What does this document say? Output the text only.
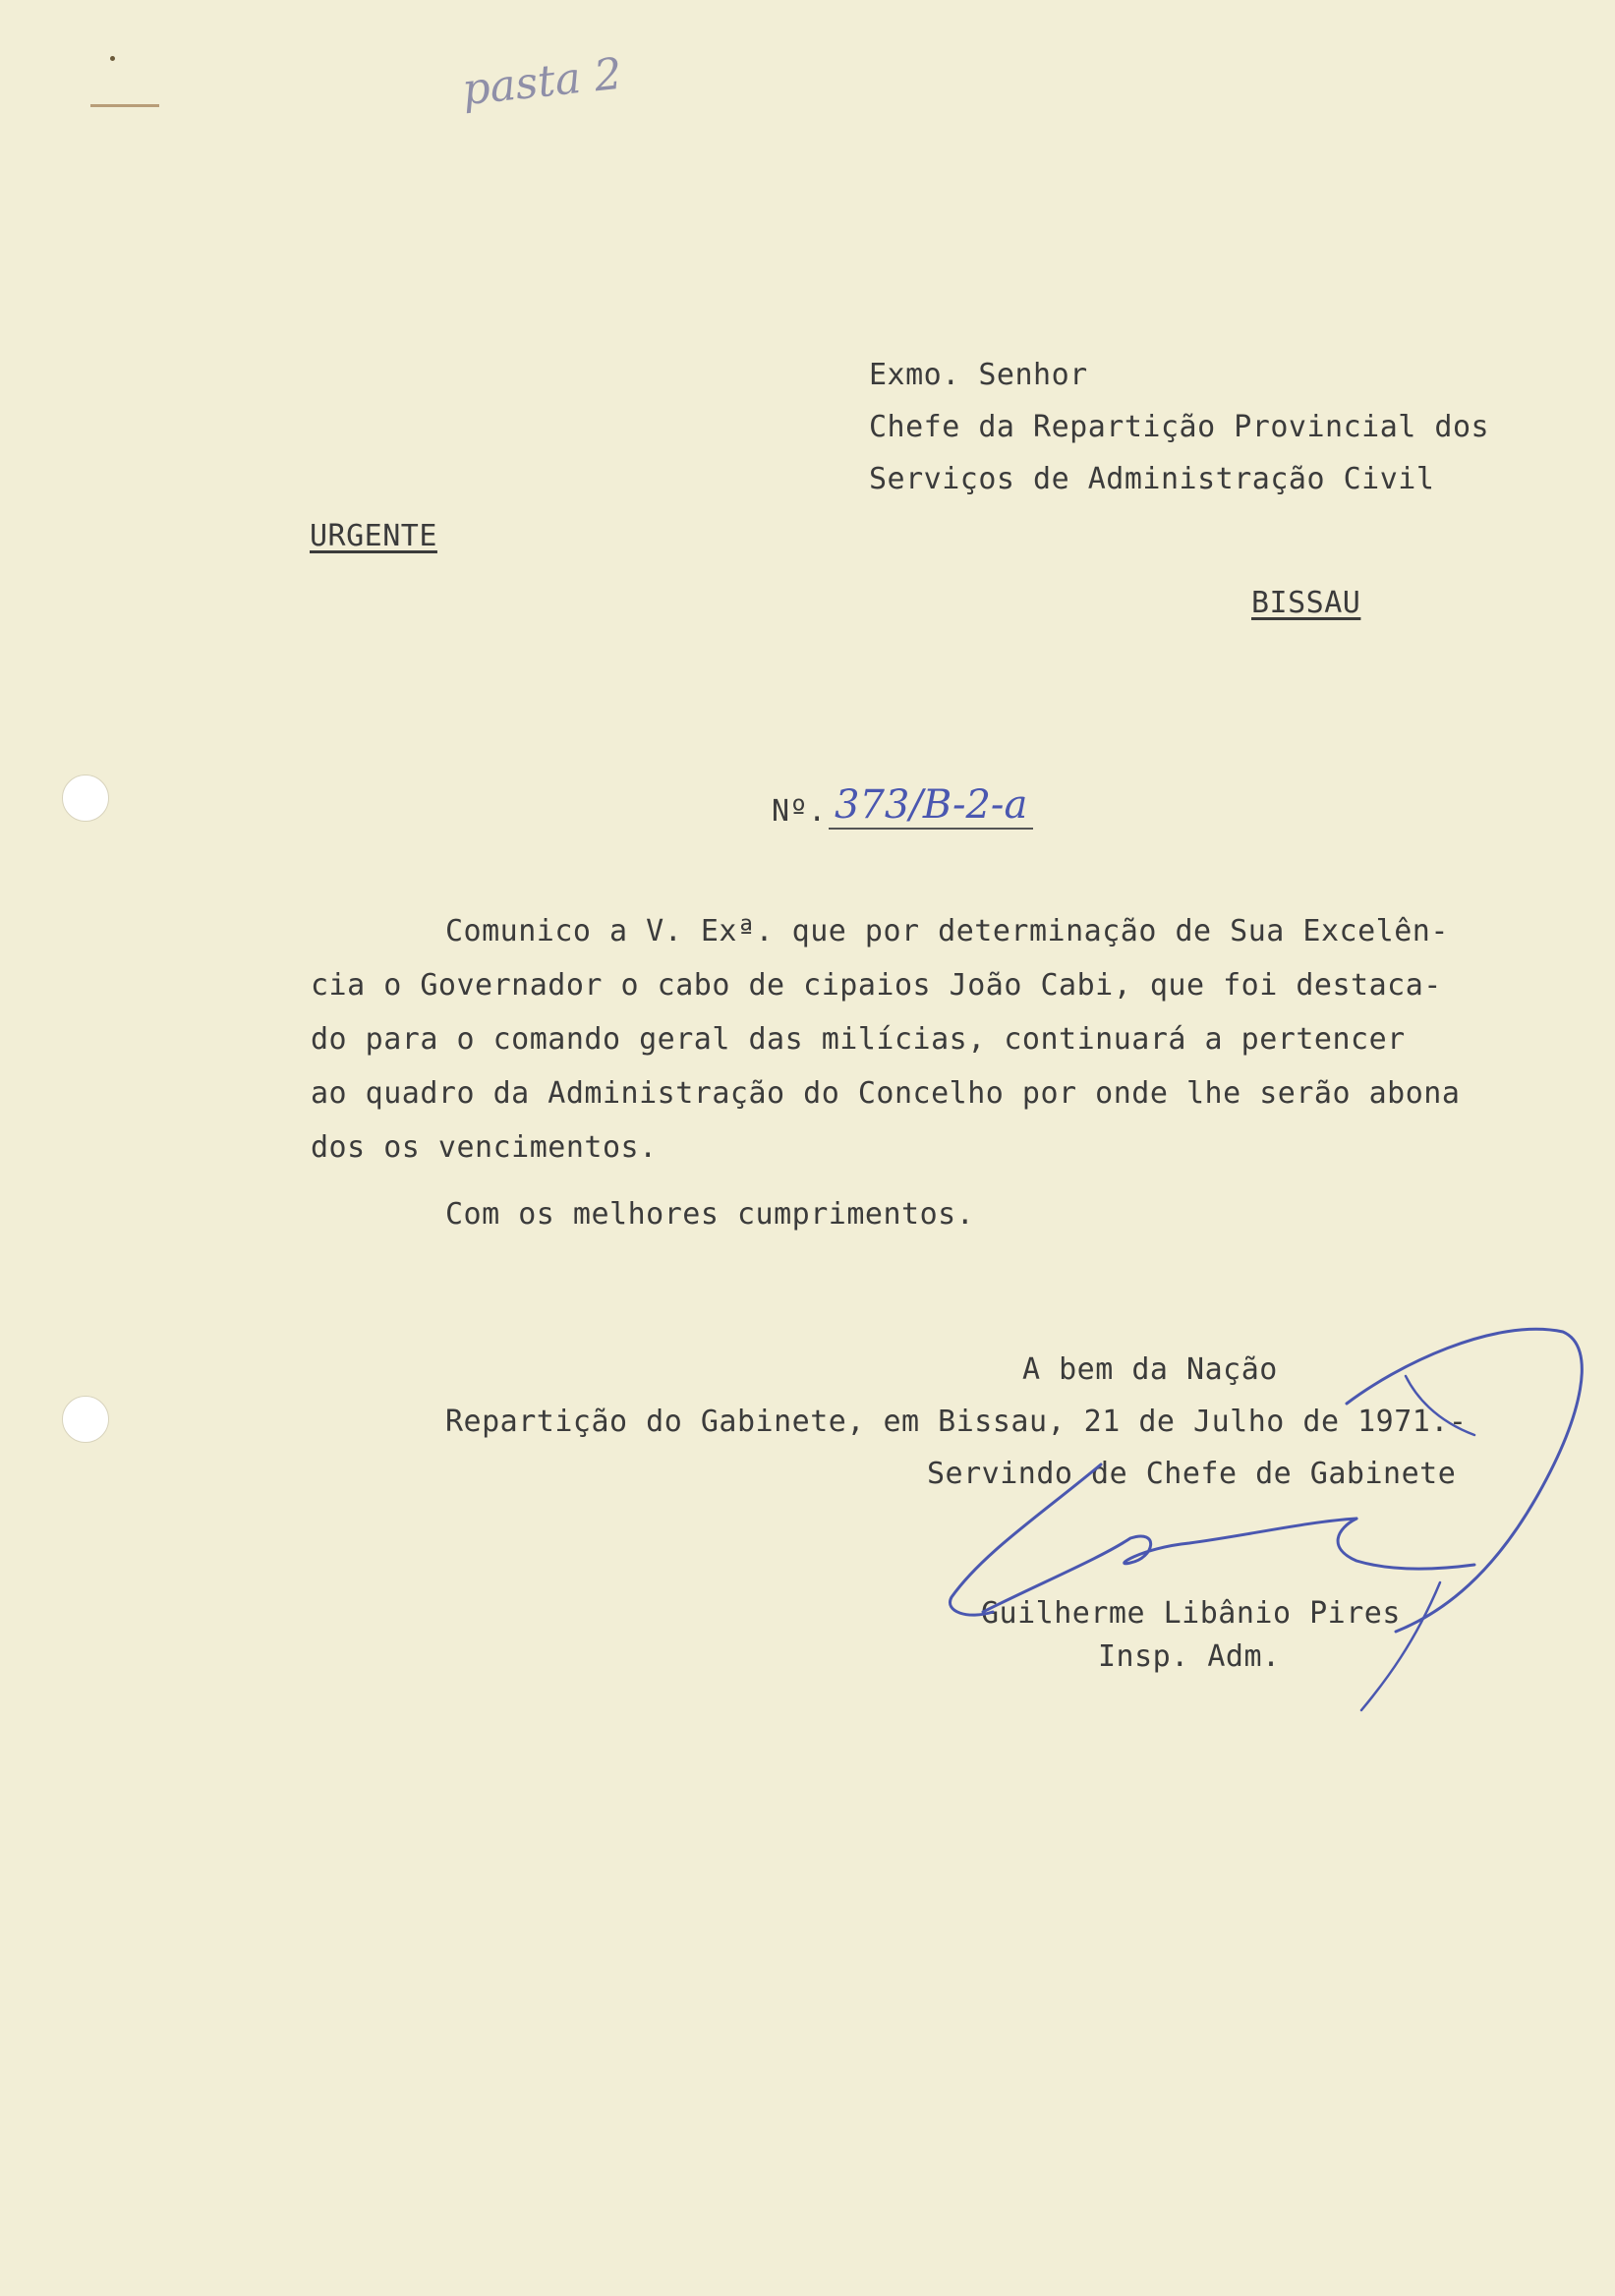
pasta 2
Exmo. Senhor
Chefe da Repartição Provincial dos
Serviços de Administração Civil
URGENTE
BISSAU
Nº. 373/B-2-a
Comunico a V. Exª. que por determinação de Sua Excelên-
cia o Governador o cabo de cipaios João Cabi, que foi destaca-
do para o comando geral das milícias, continuará a pertencer
ao quadro da Administração do Concelho por onde lhe serão abona
dos os vencimentos.
Com os melhores cumprimentos.
A bem da Nação
Repartição do Gabinete, em Bissau, 21 de Julho de 1971.-
Servindo de Chefe de Gabinete
Guilherme Libânio Pires
Insp. Adm.
